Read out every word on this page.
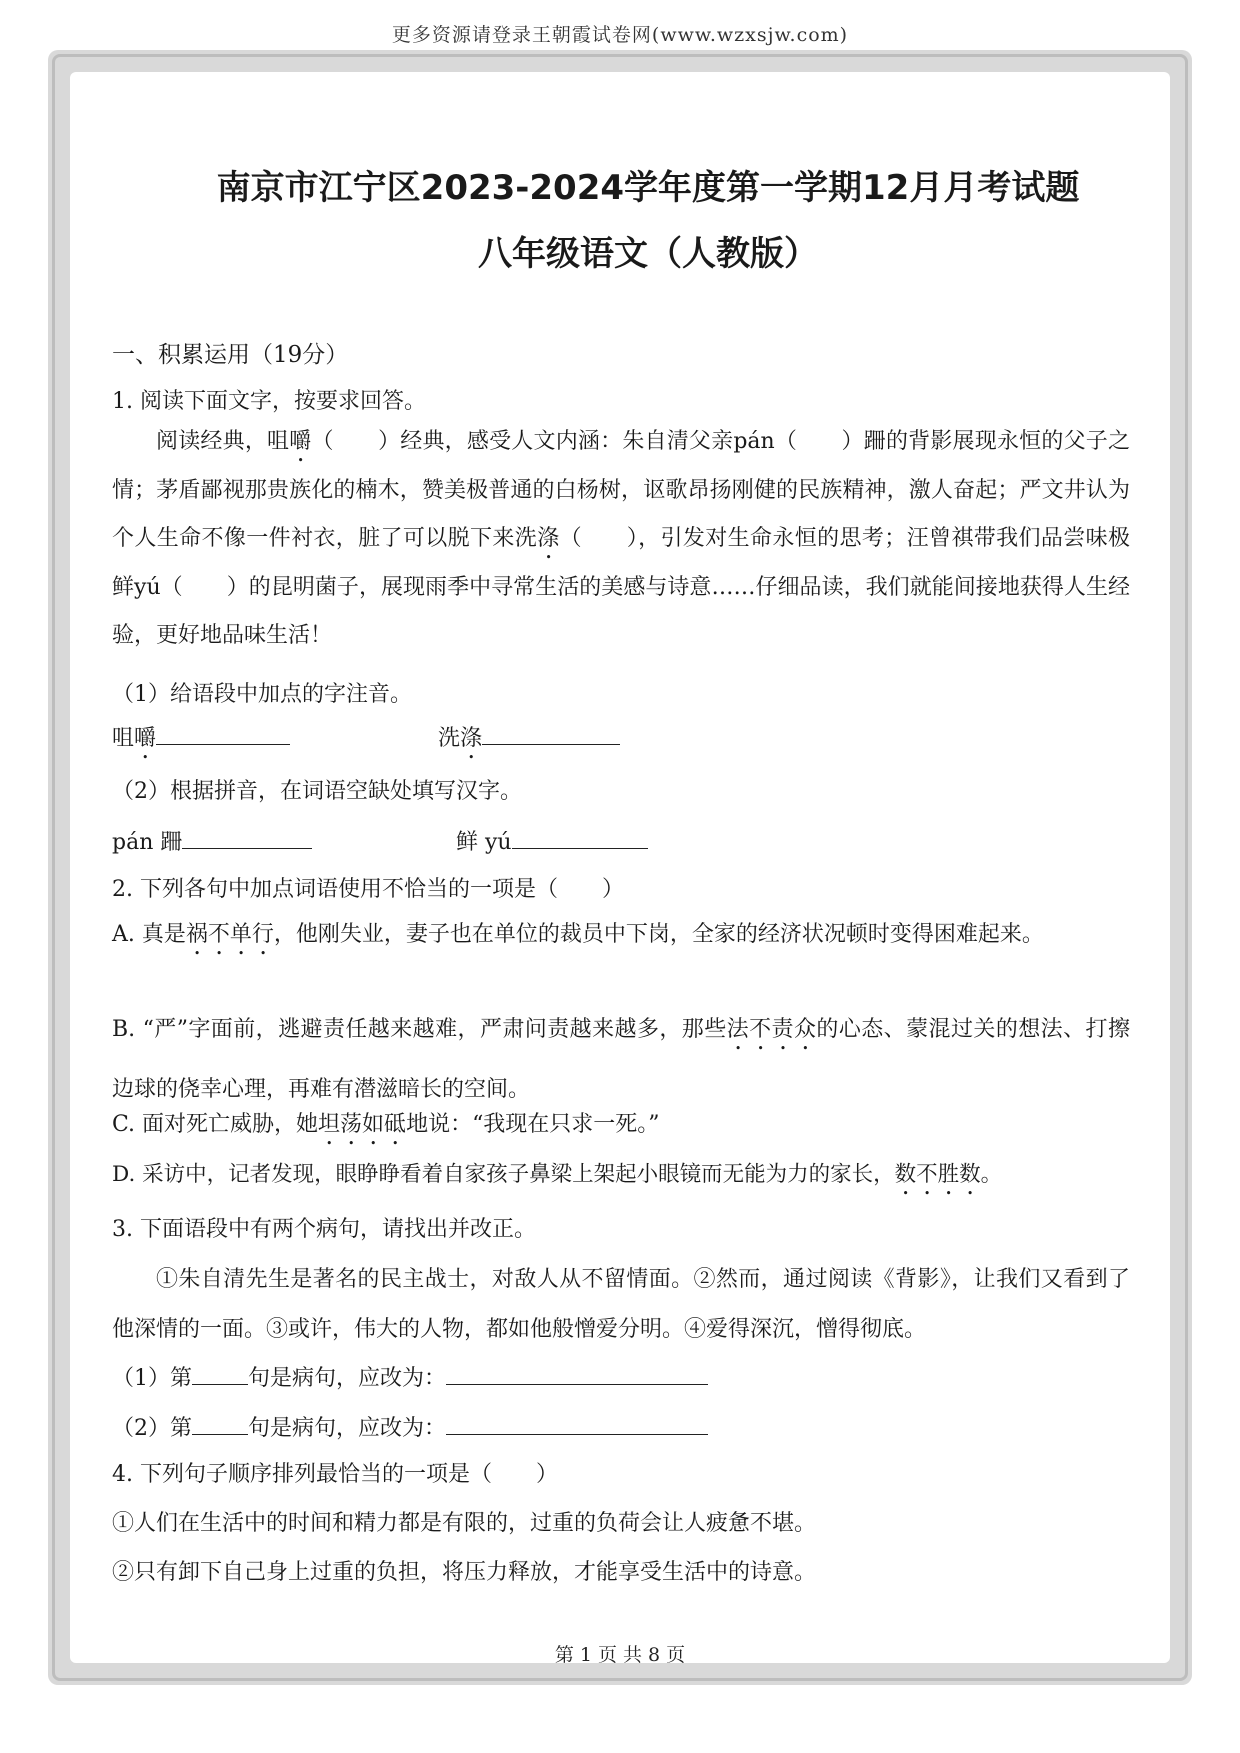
更多资源请登录王朝霞试卷网(www.wzxsjw.com)
南京市江宁区2023-2024学年度第一学期12月月考试题
八年级语文（人教版）
一、积累运用（19分）
1. 阅读下面文字，按要求回答。
阅读经典，咀嚼（　　）经典，感受人文内涵：朱自清父亲pán（　　）跚的背影展现永恒的父子之情；茅盾鄙视那贵族化的楠木，赞美极普通的白杨树，讴歌昂扬刚健的民族精神，激人奋起；严文井认为个人生命不像一件衬衣，脏了可以脱下来洗涤（　　），引发对生命永恒的思考；汪曾祺带我们品尝味极鲜yú（　　）的昆明菌子，展现雨季中寻常生活的美感与诗意……仔细品读，我们就能间接地获得人生经验，更好地品味生活！
（1）给语段中加点的字注音。
咀嚼	洗涤
（2）根据拼音，在词语空缺处填写汉字。
pán 跚	鲜 yú
2. 下列各句中加点词语使用不恰当的一项是（　　）
A. 真是祸不单行，他刚失业，妻子也在单位的裁员中下岗，全家的经济状况顿时变得困难起来。
B. “严”字面前，逃避责任越来越难，严肃问责越来越多，那些法不责众的心态、蒙混过关的想法、打擦边球的侥幸心理，再难有潜滋暗长的空间。
C. 面对死亡威胁，她坦荡如砥地说：“我现在只求一死。”
D. 采访中，记者发现，眼睁睁看着自家孩子鼻梁上架起小眼镜而无能为力的家长，数不胜数。
3. 下面语段中有两个病句，请找出并改正。
①朱自清先生是著名的民主战士，对敌人从不留情面。②然而，通过阅读《背影》，让我们又看到了他深情的一面。③或许，伟大的人物，都如他般憎爱分明。④爱得深沉，憎得彻底。
（1）第	句是病句，应改为：
（2）第	句是病句，应改为：
4. 下列句子顺序排列最恰当的一项是（　　）
①人们在生活中的时间和精力都是有限的，过重的负荷会让人疲惫不堪。
②只有卸下自己身上过重的负担，将压力释放，才能享受生活中的诗意。
第 1 页 共 8 页
